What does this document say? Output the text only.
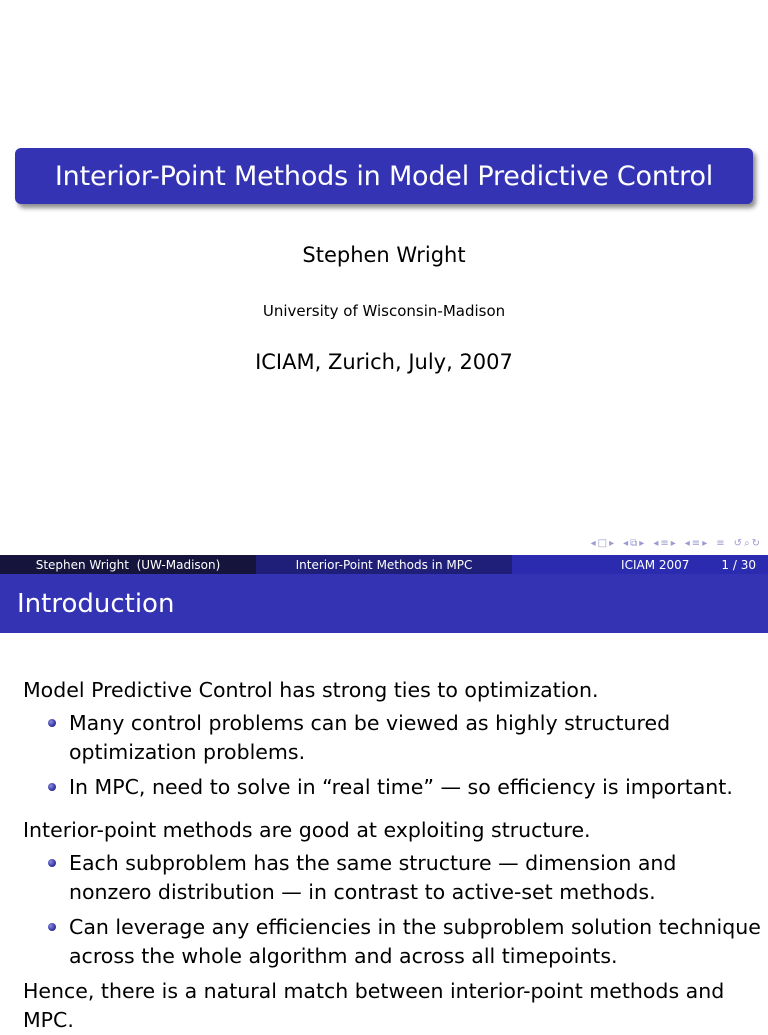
Interior-Point Methods in Model Predictive Control
Stephen Wright
University of Wisconsin-Madison
ICIAM, Zurich, July, 2007
◂ □ ▸ ◂ ⧉ ▸ ◂ ≡ ▸ ◂ ≡ ▸ ≡ ↺ ⌕ ↻
Stephen Wright  (UW-Madison)	Interior-Point Methods in MPC	ICIAM 2007	1 / 30
Introduction

Model Predictive Control has strong ties to optimization.

Many control problems can be viewed as highly structured optimization problems.
In MPC, need to solve in “real time” — so efficiency is important.

Interior-point methods are good at exploiting structure.

Each subproblem has the same structure — dimension and nonzero distribution — in contrast to active-set methods.
Can leverage any efficiencies in the subproblem solution technique across the whole algorithm and across all timepoints.

Hence, there is a natural match between interior-point methods and MPC.
